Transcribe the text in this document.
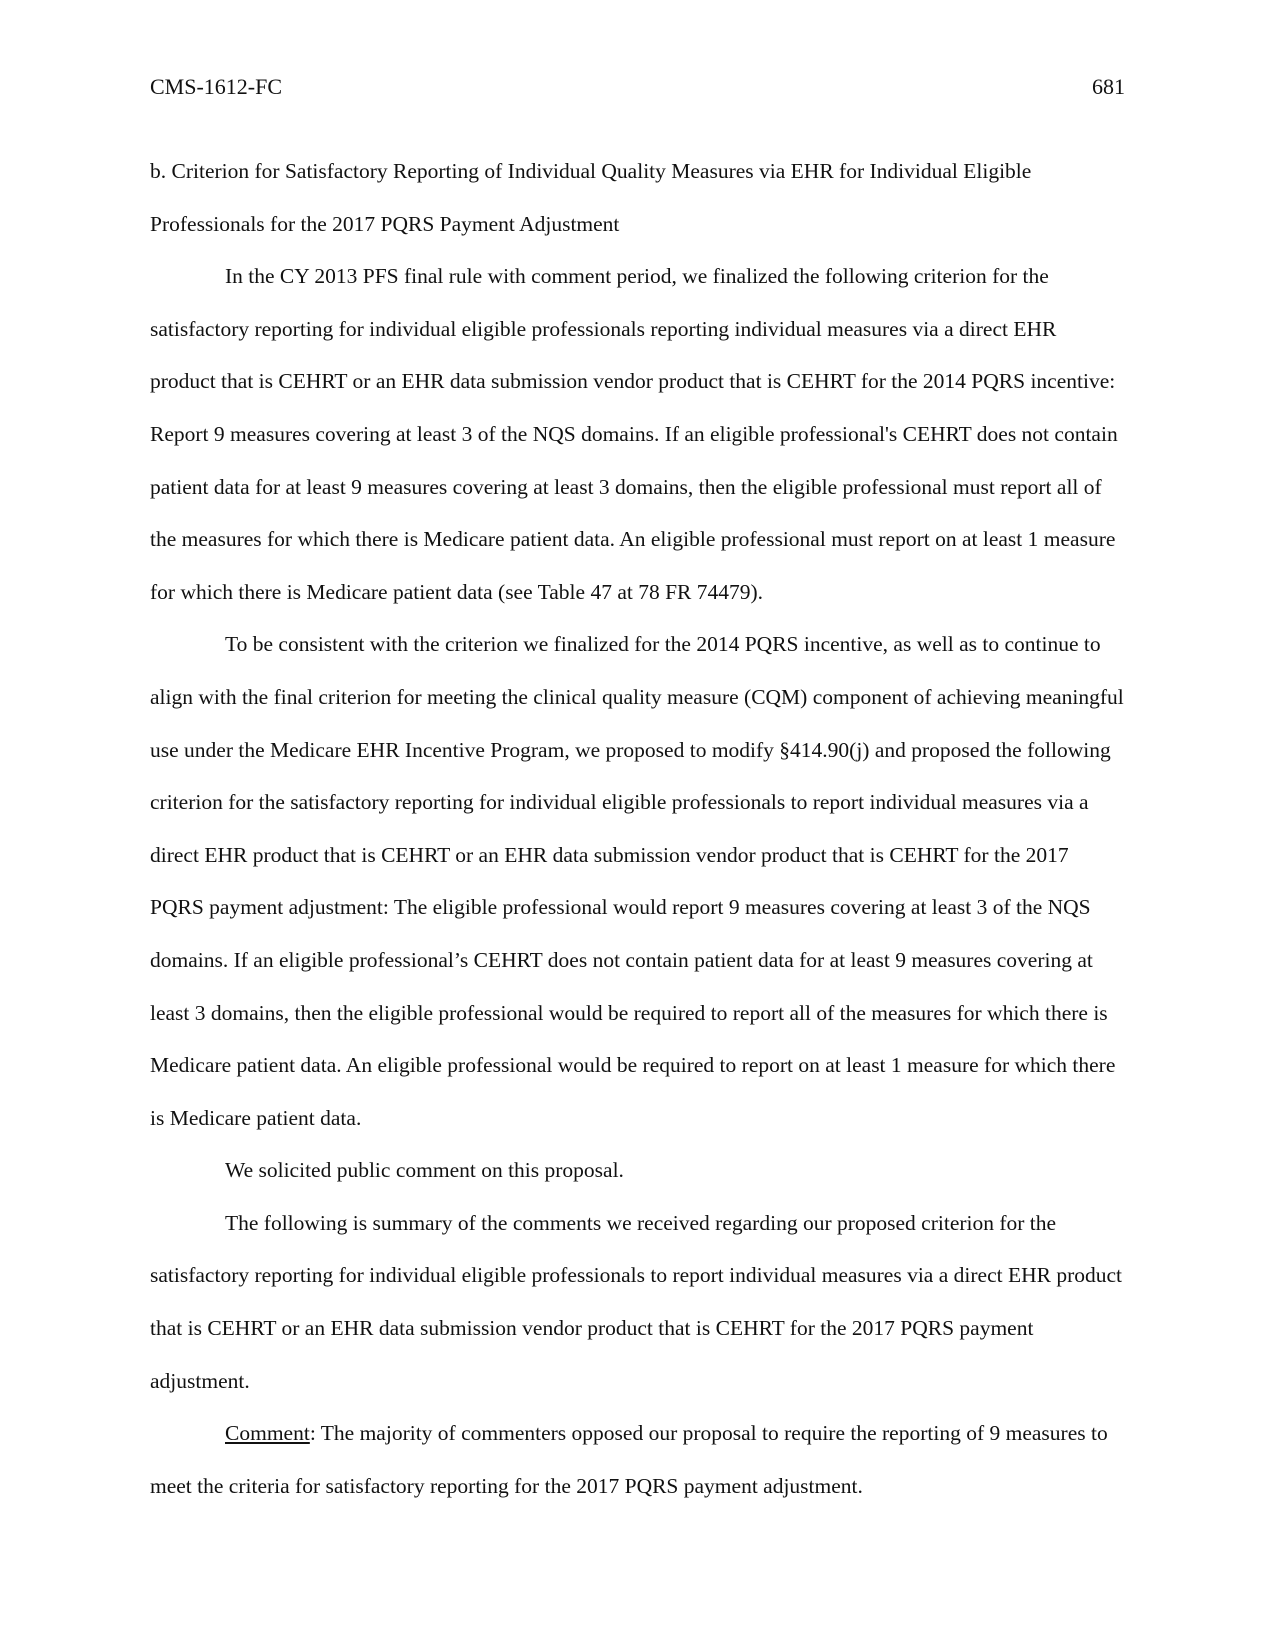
CMS-1612-FC	681

b. Criterion for Satisfactory Reporting of Individual Quality Measures via EHR for Individual Eligible Professionals for the 2017 PQRS Payment Adjustment

In the CY 2013 PFS final rule with comment period, we finalized the following criterion for the satisfactory reporting for individual eligible professionals reporting individual measures via a direct EHR product that is CEHRT or an EHR data submission vendor product that is CEHRT for the 2014 PQRS incentive: Report 9 measures covering at least 3 of the NQS domains. If an eligible professional's CEHRT does not contain patient data for at least 9 measures covering at least 3 domains, then the eligible professional must report all of the measures for which there is Medicare patient data. An eligible professional must report on at least 1 measure for which there is Medicare patient data (see Table 47 at 78 FR 74479).

To be consistent with the criterion we finalized for the 2014 PQRS incentive, as well as to continue to align with the final criterion for meeting the clinical quality measure (CQM) component of achieving meaningful use under the Medicare EHR Incentive Program, we proposed to modify §414.90(j) and proposed the following criterion for the satisfactory reporting for individual eligible professionals to report individual measures via a direct EHR product that is CEHRT or an EHR data submission vendor product that is CEHRT for the 2017 PQRS payment adjustment: The eligible professional would report 9 measures covering at least 3 of the NQS domains. If an eligible professional’s CEHRT does not contain patient data for at least 9 measures covering at least 3 domains, then the eligible professional would be required to report all of the measures for which there is Medicare patient data. An eligible professional would be required to report on at least 1 measure for which there is Medicare patient data.

We solicited public comment on this proposal.

The following is summary of the comments we received regarding our proposed criterion for the satisfactory reporting for individual eligible professionals to report individual measures via a direct EHR product that is CEHRT or an EHR data submission vendor product that is CEHRT for the 2017 PQRS payment adjustment.

Comment: The majority of commenters opposed our proposal to require the reporting of 9 measures to meet the criteria for satisfactory reporting for the 2017 PQRS payment adjustment.
